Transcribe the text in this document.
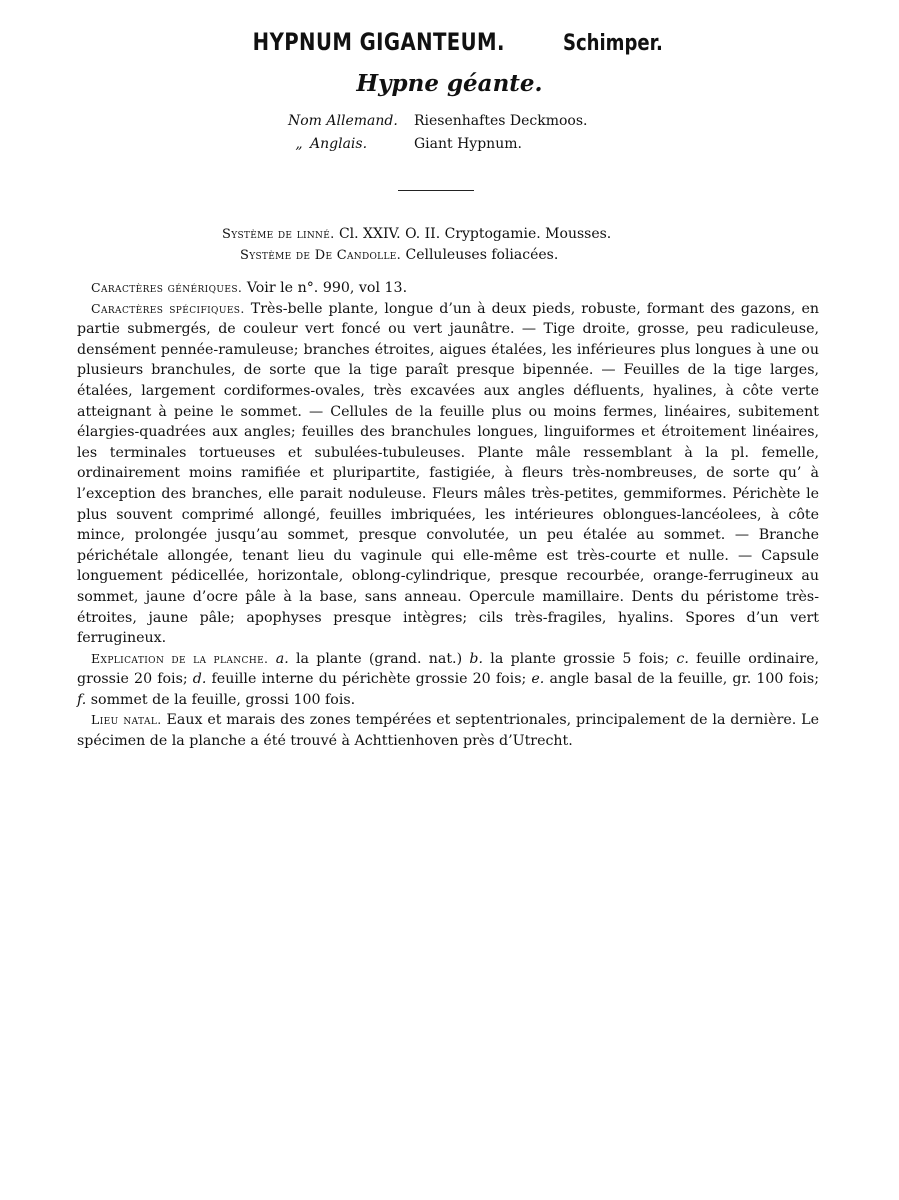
HYPNUM GIGANTEUM.	Schimper.
Hypne géante.
Nom Allemand.	Riesenhaftes Deckmoos.
„ Anglais.	Giant Hypnum.
Système de linné. Cl. XXIV. O. II. Cryptogamie. Mousses.
Système de De Candolle. Celluleuses foliacées.

Caractères génériques. Voir le n°. 990, vol 13.

Caractères spécifiques. Très-belle plante, longue d’un à deux pieds, robuste, formant des gazons, en partie submergés, de couleur vert foncé ou vert jaunâtre. — Tige droite, grosse, peu radiculeuse, densément pennée-ramuleuse; branches étroites, aigues étalées, les inférieures plus longues à une ou plusieurs branchules, de sorte que la tige paraît presque bipennée. — Feuilles de la tige larges, étalées, largement cordiformes-ovales, très excavées aux angles défluents, hyalines, à côte verte atteignant à peine le sommet. — Cellules de la feuille plus ou moins fermes, linéaires, subitement élargies-quadrées aux angles; feuilles des branchules longues, linguiformes et étroitement linéaires, les terminales tortueuses et subulées-tubuleuses. Plante mâle ressemblant à la pl. femelle, ordinairement moins ramifiée et pluripartite, fastigiée, à fleurs très-nombreuses, de sorte qu’ à l’exception des branches, elle parait noduleuse. Fleurs mâles très-petites, gemmiformes. Périchète le plus souvent comprimé allongé, feuilles imbriquées, les intérieures oblongues-lancéolees, à côte mince, prolongée jusqu’au sommet, presque convolutée, un peu étalée au sommet. — Branche périchétale allongée, tenant lieu du vaginule qui elle-même est très-courte et nulle. — Capsule longuement pédicellée, horizontale, oblong-cylindrique, presque recourbée, orange-ferrugineux au sommet, jaune d’ocre pâle à la base, sans anneau. Opercule mamillaire. Dents du péristome très-étroites, jaune pâle; apophyses presque intègres; cils très-fragiles, hyalins. Spores d’un vert ferrugineux.

Explication de la planche. a. la plante (grand. nat.) b. la plante grossie 5 fois; c. feuille ordinaire, grossie 20 fois; d. feuille interne du périchète grossie 20 fois; e. angle basal de la feuille, gr. 100 fois; f. sommet de la feuille, grossi 100 fois.

Lieu natal. Eaux et marais des zones tempérées et septentrionales, principalement de la dernière. Le spécimen de la planche a été trouvé à Achttienhoven près d’Utrecht.
